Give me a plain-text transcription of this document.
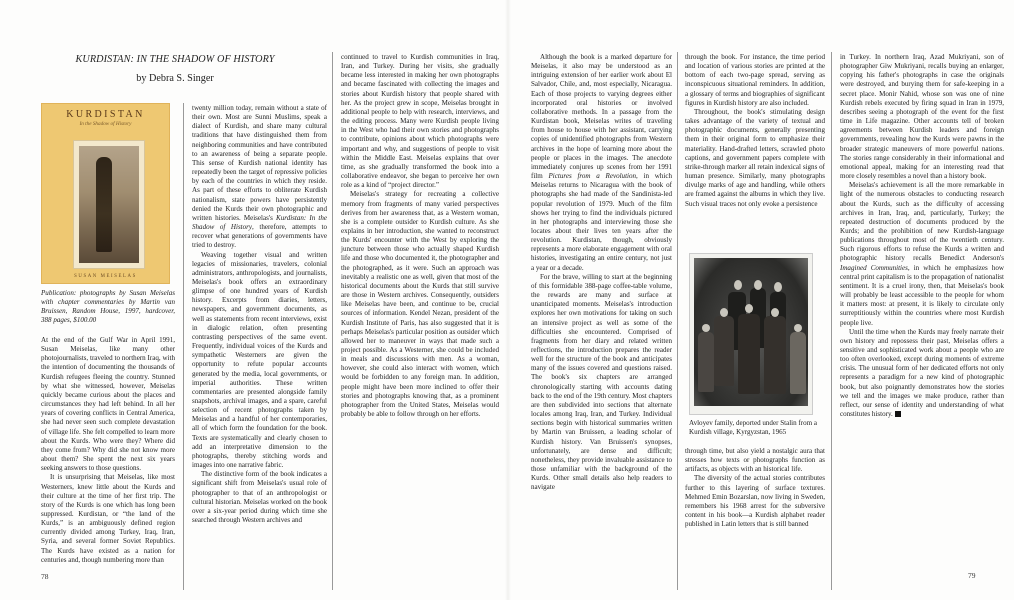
KURDISTAN: IN THE SHADOW OF HISTORY
by Debra S. Singer
KURDISTAN
In the Shadow of History
SUSAN MEISELAS
Publication: photographs by Susan Meiselas with chapter commentaries by Martin van Bruissen, Random House, 1997, hardcover, 388 pages, $100.00

At the end of the Gulf War in April 1991, Susan Meiselas, like many other photojournalists, traveled to northern Iraq, with the intention of documenting the thousands of Kurdish refugees fleeing the country. Stunned by what she witnessed, however, Meiselas quickly became curious about the places and circumstances they had left behind. In all her years of covering conflicts in Central America, she had never seen such complete devastation of village life. She felt compelled to learn more about the Kurds. Who were they? Where did they come from? Why did she not know more about them? She spent the next six years seeking answers to those questions.

It is unsurprising that Meiselas, like most Westerners, knew little about the Kurds and their culture at the time of her first trip. The story of the Kurds is one which has long been suppressed. Kurdistan, or “the land of the Kurds,” is an ambiguously defined region currently divided among Turkey, Iraq, Iran, Syria, and several former Soviet Republics. The Kurds have existed as a nation for centuries and, though numbering more than

twenty million today, remain without a state of their own. Most are Sunni Muslims, speak a dialect of Kurdish, and share many cultural traditions that have distinguished them from neighboring communities and have contributed to an awareness of being a separate people. This sense of Kurdish national identity has repeatedly been the target of repressive policies by each of the countries in which they reside. As part of these efforts to obliterate Kurdish nationalism, state powers have persistently denied the Kurds their own photographic and written histories. Meiselas's Kurdistan: In the Shadow of History, therefore, attempts to recover what generations of governments have tried to destroy.

Weaving together visual and written legacies of missionaries, travelers, colonial administrators, anthropologists, and journalists, Meiselas's book offers an extraordinary glimpse of one hundred years of Kurdish history. Excerpts from diaries, letters, newspapers, and government documents, as well as statements from recent interviews, exist in dialogic relation, often presenting contrasting perspectives of the same event. Frequently, individual voices of the Kurds and sympathetic Westerners are given the opportunity to refute popular accounts generated by the media, local governments, or imperial authorities. These written commentaries are presented alongside family snapshots, archival images, and a spare, careful selection of recent photographs taken by Meiselas and a handful of her contemporaries, all of which form the foundation for the book. Texts are systematically and clearly chosen to add an interpretative dimension to the photographs, thereby stitching words and images into one narrative fabric.

The distinctive form of the book indicates a significant shift from Meiselas's usual role of photographer to that of an anthropologist or cultural historian. Meiselas worked on the book over a six-year period during which time she searched through Western archives and

continued to travel to Kurdish communities in Iraq, Iran, and Turkey. During her visits, she gradually became less interested in making her own photographs and became fascinated with collecting the images and stories about Kurdish history that people shared with her. As the project grew in scope, Meiselas brought in additional people to help with research, interviews, and the editing process. Many were Kurdish people living in the West who had their own stories and photographs to contribute, opinions about which photographs were important and why, and suggestions of people to visit within the Middle East. Meiselas explains that over time, as she gradually transformed the book into a collaborative endeavor, she began to perceive her own role as a kind of “project director.”

Meiselas's strategy for recreating a collective memory from fragments of many varied perspectives derives from her awareness that, as a Western woman, she is a complete outsider to Kurdish culture. As she explains in her introduction, she wanted to reconstruct the Kurds' encounter with the West by exploring the juncture between those who actually shaped Kurdish life and those who documented it, the photographer and the photographed, as it were. Such an approach was inevitably a realistic one as well, given that most of the historical documents about the Kurds that still survive are those in Western archives. Consequently, outsiders like Meiselas have been, and continue to be, crucial sources of information. Kendel Nezan, president of the Kurdish Institute of Paris, has also suggested that it is perhaps Meiselas's particular position as outsider which allowed her to maneuver in ways that made such a project possible. As a Westerner, she could be included in meals and discussions with men. As a woman, however, she could also interact with women, which would be forbidden to any foreign man. In addition, people might have been more inclined to offer their stories and photographs knowing that, as a prominent photographer from the United States, Meiselas would probably be able to follow through on her efforts.

Although the book is a marked departure for Meiselas, it also may be understood as an intriguing extension of her earlier work about El Salvador, Chile, and, most especially, Nicaragua. Each of those projects to varying degrees either incorporated oral histories or involved collaborative methods. In a passage from the Kurdistan book, Meiselas writes of traveling from house to house with her assistant, carrying copies of unidentified photographs from Western archives in the hope of learning more about the people or places in the images. The anecdote immediately conjures up scenes from her 1991 film Pictures from a Revolution, in which Meiselas returns to Nicaragua with the book of photographs she had made of the Sandinista-led popular revolution of 1979. Much of the film shows her trying to find the individuals pictured in her photographs and interviewing those she locates about their lives ten years after the revolution. Kurdistan, though, obviously represents a more elaborate engagement with oral histories, investigating an entire century, not just a year or a decade.

For the brave, willing to start at the beginning of this formidable 388-page coffee-table volume, the rewards are many and surface at unanticipated moments. Meiselas's introduction explores her own motivations for taking on such an intensive project as well as some of the difficulties she encountered. Comprised of fragments from her diary and related written reflections, the introduction prepares the reader well for the structure of the book and anticipates many of the issues covered and questions raised. The book's six chapters are arranged chronologically starting with accounts dating back to the end of the 19th century. Most chapters are then subdivided into sections that alternate locales among Iraq, Iran, and Turkey. Individual sections begin with historical summaries written by Martin van Bruissen, a leading scholar of Kurdish history. Van Bruissen's synopses, unfortunately, are dense and difficult; nonetheless, they provide invaluable assistance to those unfamiliar with the background of the Kurds. Other small details also help readers to navigate

through the book. For instance, the time period and location of various stories are printed at the bottom of each two-page spread, serving as inconspicuous situational reminders. In addition, a glossary of terms and biographies of significant figures in Kurdish history are also included.

Throughout, the book's stimulating design takes advantage of the variety of textual and photographic documents, generally presenting them in their original form to emphasize their materiality. Hand-drafted letters, scrawled photo captions, and government papers complete with strike-through marker all retain indexical signs of human presence. Similarly, many photographs divulge marks of age and handling, while others are framed against the albums in which they live. Such visual traces not only evoke a persistence

Avloyev family, deported under Stalin from a Kurdish village, Kyrgyzstan, 1965

through time, but also yield a nostalgic aura that stresses how texts or photographs function as artifacts, as objects with an historical life.

The diversity of the actual stories contributes further to this layering of surface textures. Mehmed Emin Bozarslan, now living in Sweden, remembers his 1968 arrest for the subversive content in his book—a Kurdish alphabet reader published in Latin letters that is still banned

in Turkey. In northern Iraq, Azad Mukriyani, son of photographer Giw Mukriyani, recalls buying an enlarger, copying his father's photographs in case the originals were destroyed, and burying them for safe-keeping in a secret place. Monir Nahid, whose son was one of nine Kurdish rebels executed by firing squad in Iran in 1979, describes seeing a photograph of the event for the first time in Life magazine. Other accounts tell of broken agreements between Kurdish leaders and foreign governments, revealing how the Kurds were pawns in the broader strategic maneuvers of more powerful nations. The stories range considerably in their informational and emotional appeal, making for an interesting read that more closely resembles a novel than a history book.

Meiselas's achievement is all the more remarkable in light of the numerous obstacles to conducting research about the Kurds, such as the difficulty of accessing archives in Iran, Iraq, and, particularly, Turkey; the repeated destruction of documents produced by the Kurds; and the prohibition of new Kurdish-language publications throughout most of the twentieth century. Such rigorous efforts to refuse the Kurds a written and photographic history recalls Benedict Anderson's Imagined Communities, in which he emphasizes how central print capitalism is to the propagation of nationalist sentiment. It is a cruel irony, then, that Meiselas's book will probably be least accessible to the people for whom it matters most: at present, it is likely to circulate only surreptitiously within the countries where most Kurdish people live.

Until the time when the Kurds may freely narrate their own history and repossess their past, Meiselas offers a sensitive and sophisticated work about a people who are too often overlooked, except during moments of extreme crisis. The unusual form of her dedicated efforts not only represents a paradigm for a new kind of photographic book, but also poignantly demonstrates how the stories we tell and the images we make produce, rather than reflect, our sense of identity and understanding of what constitutes history.

78	79
